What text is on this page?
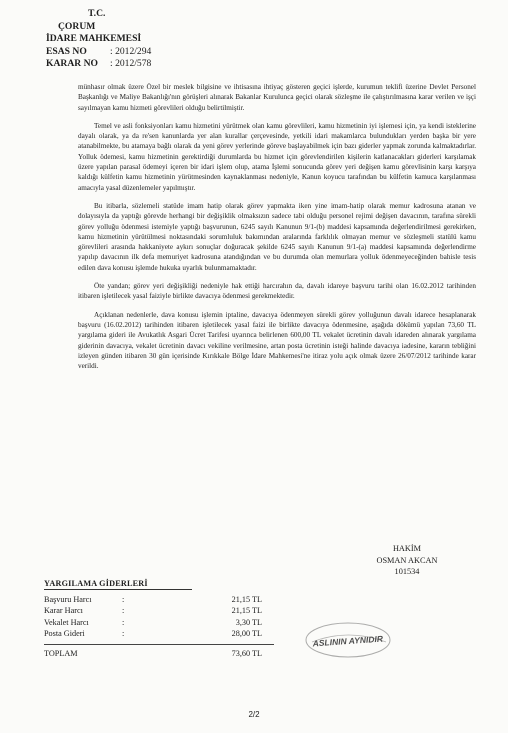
T.C.
ÇORUM
İDARE MAHKEMESİ
ESAS NO : 2012/294
KARAR NO : 2012/578

münhasır olmak üzere Özel bir meslek bilgisine ve ihtisasına ihtiyaç gösteren geçici işlerde, kurumun teklifi üzerine Devlet Personel Başkanlığı ve Maliye Bakanlığı'nın görüşleri alınarak Bakanlar Kurulunca geçici olarak sözleşme ile çalıştırılmasına karar verilen ve işçi sayılmayan kamu hizmeti görevlileri olduğu belirtilmiştir.

Temel ve asli fonksiyonları kamu hizmetini yürütmek olan kamu görevlileri, kamu hizmetinin iyi işlemesi için, ya kendi isteklerine dayalı olarak, ya da re'sen kanunlarda yer alan kurallar çerçevesinde, yetkili idari makamlarca bulundukları yerden başka bir yere atanabilmekte, bu atamaya bağlı olarak da yeni görev yerlerinde göreve başlayabilmek için bazı giderler yapmak zorunda kalmaktadırlar. Yolluk ödemesi, kamu hizmetinin gerektirdiği durumlarda bu hizmet için görevlendirilen kişilerin katlanacakları giderleri karşılamak üzere yapılan parasal ödemeyi içeren bir idari işlem olup, atama İşlemi sonucunda görev yeri değişen kamu görevlisinin karşı karşıya kaldığı külfetin kamu hizmetinin yürütmesinden kaynaklanması nedeniyle, Kanun koyucu tarafından bu külfetin kamuca karşılanması amacıyla yasal düzenlemeler yapılmıştır.

Bu itibarla, sözlemeli statüde imam hatip olarak görev yapmakta iken yine imam-hatip olarak memur kadrosuna atanan ve dolayısıyla da yaptığı görevde herhangi bir değişiklik olmaksızın sadece tabi olduğu personel rejimi değişen davacının, tarafına sürekli görev yolluğu ödenmesi istemiyle yaptığı başvurunun, 6245 sayılı Kanunun 9/1-(b) maddesi kapsamında değerlendirilmesi gerekirken, kamu hizmetinin yürütülmesi noktasındaki sorumluluk bakımından aralarında farklılık olmayan memur ve sözleşmeli statülü kamu görevlileri arasında hakkaniyete aykırı sonuçlar doğuracak şekilde 6245 sayılı Kanunun 9/1-(a) maddesi kapsamında değerlendirme yapılıp davacının ilk defa memuriyet kadrosuna atandığından ve bu durumda olan memurlara yolluk ödenmeyeceğinden bahisle tesis edilen dava konusu işlemde hukuka uyarlık bulunmamaktadır.

Öte yandan; görev yeri değişikliği nedeniyle hak ettiği harcırahın da, davalı idareye başvuru tarihi olan 16.02.2012 tarihinden itibaren işletilecek yasal faiziyle birlikte davacıya ödenmesi gerekmektedir.

Açıklanan nedenlerle, dava konusu işlemin iptaline, davacıya ödenmeyen sürekli görev yolluğunun davalı idarece hesaplanarak başvuru (16.02.2012) tarihinden itibaren işletilecek yasal faizi ile birlikte davacıya ödenmesine, aşağıda dökümü yapılan 73,60 TL yargılama gideri ile Avukatlık Asgari Ücret Tarifesi uyarınca belirlenen 600,00 TL vekalet ücretinin davalı idareden alınarak yargılama giderinin davacıya, vekalet ücretinin davacı vekiline verilmesine, artan posta ücretinin isteği halinde davacıya iadesine, kararın tebliğini izleyen günden itibaren 30 gün içerisinde Kırıkkale Bölge İdare Mahkemesi'ne itiraz yolu açık olmak üzere 26/07/2012 tarihinde karar verildi.

HAKİM
OSMAN AKCAN
101534
YARGILAMA GİDERLERİ
Başvuru Harcı	:	21,15 TL
Karar Harcı	:	21,15 TL
Vekalet Harcı	:	3,30 TL
Posta Gideri	:	28,00 TL
TOPLAM	73,60 TL
ASLININ AYNIDIR
2/2
